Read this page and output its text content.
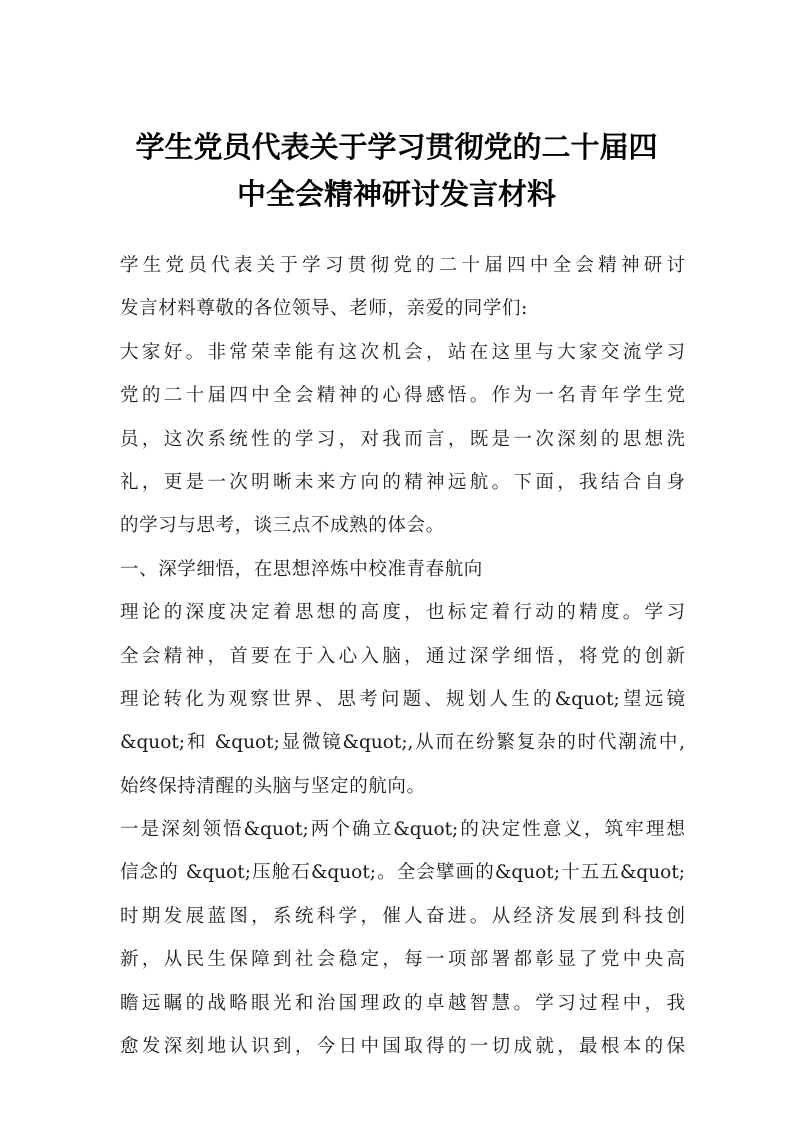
学生党员代表关于学习贯彻党的二十届四
中全会精神研讨发言材料
学生党员代表关于学习贯彻党的二十届四中全会精神研讨
发言材料尊敬的各位领导、老师，亲爱的同学们:
大家好。非常荣幸能有这次机会，站在这里与大家交流学习
党的二十届四中全会精神的心得感悟。作为一名青年学生党
员，这次系统性的学习，对我而言，既是一次深刻的思想洗
礼，更是一次明晰未来方向的精神远航。下面，我结合自身
的学习与思考，谈三点不成熟的体会。
一、深学细悟，在思想淬炼中校准青春航向
理论的深度决定着思想的高度，也标定着行动的精度。学习
全会精神，首要在于入心入脑，通过深学细悟，将党的创新
理论转化为观察世界、思考问题、规划人生的&quot;望远镜
&quot;和 &quot;显微镜&quot;,从而在纷繁复杂的时代潮流中,
始终保持清醒的头脑与坚定的航向。
一是深刻领悟&quot;两个确立&quot;的决定性意义，筑牢理想
信念的 &quot;压舱石&quot;。全会擘画的&quot;十五五&quot;
时期发展蓝图，系统科学，催人奋进。从经济发展到科技创
新，从民生保障到社会稳定，每一项部署都彰显了党中央高
瞻远瞩的战略眼光和治国理政的卓越智慧。学习过程中，我
愈发深刻地认识到，今日中国取得的一切成就，最根本的保
